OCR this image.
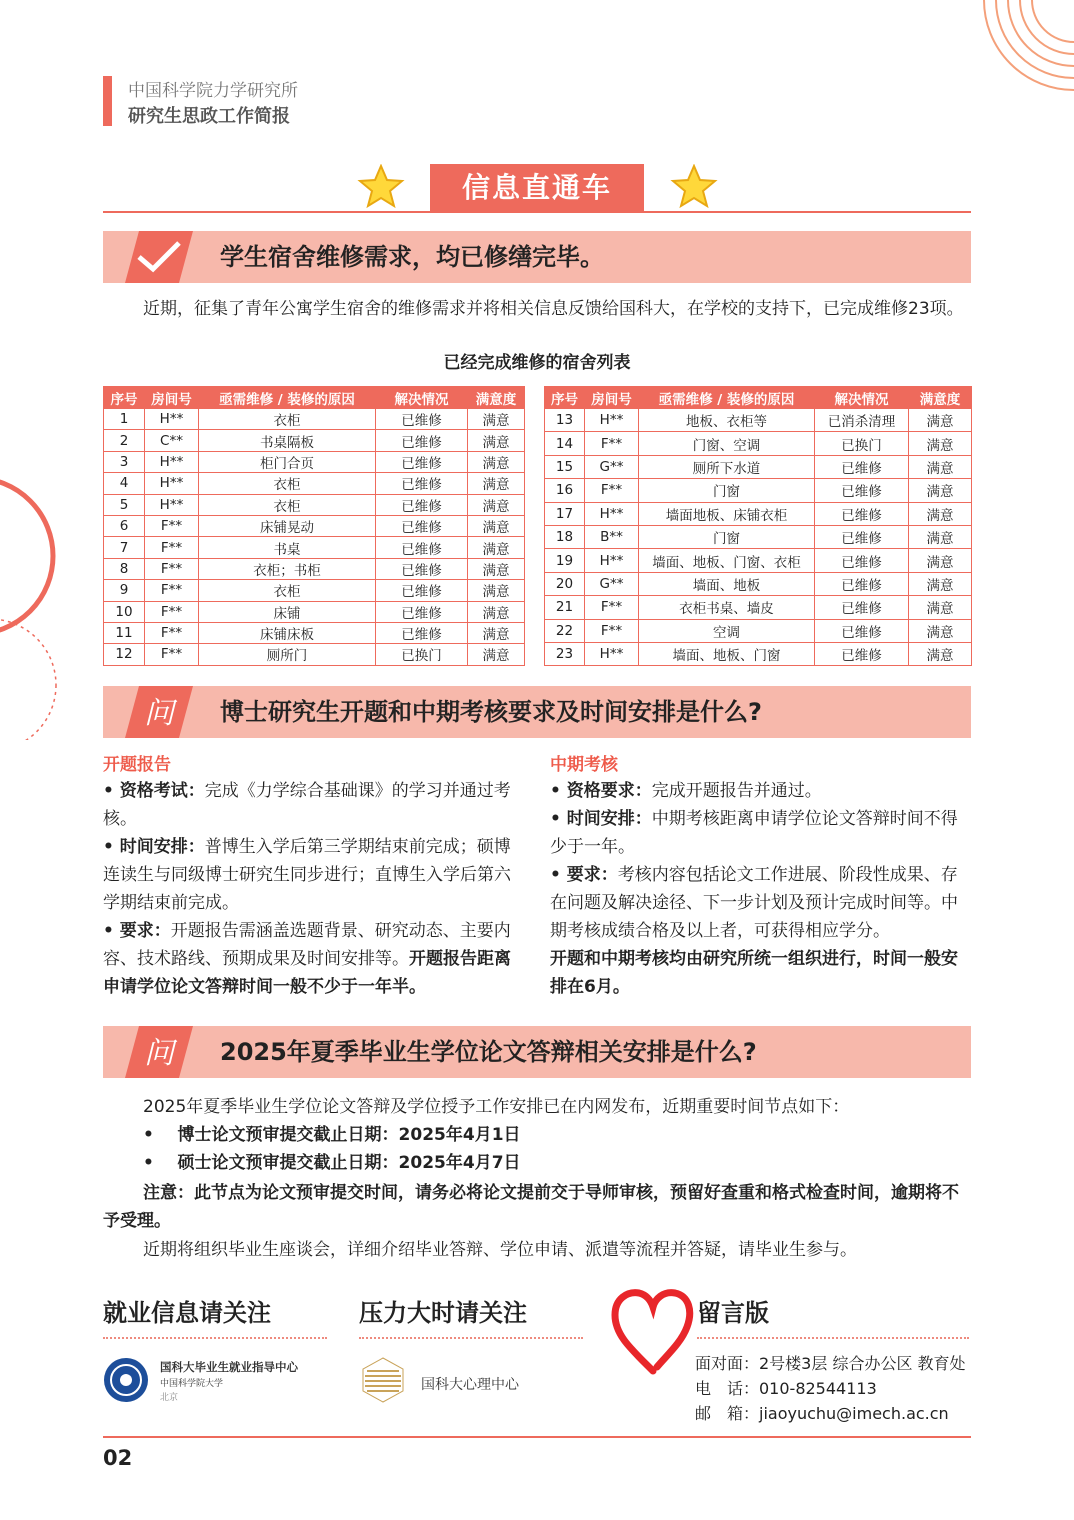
中国科学院力学研究所
研究生思政工作简报
信息直通车
学生宿舍维修需求，均已修缮完毕。
近期，征集了青年公寓学生宿舍的维修需求并将相关信息反馈给国科大，在学校的支持下，已完成维修23项。
已经完成维修的宿舍列表
序号	房间号	亟需维修 / 装修的原因	解决情况	满意度
1	H**	衣柜	已维修	满意
2	C**	书桌隔板	已维修	满意
3	H**	柜门合页	已维修	满意
4	H**	衣柜	已维修	满意
5	H**	衣柜	已维修	满意
6	F**	床铺晃动	已维修	满意
7	F**	书桌	已维修	满意
8	F**	衣柜；书柜	已维修	满意
9	F**	衣柜	已维修	满意
10	F**	床铺	已维修	满意
11	F**	床铺床板	已维修	满意
12	F**	厕所门	已换门	满意
序号	房间号	亟需维修 / 装修的原因	解决情况	满意度
13	H**	地板、衣柜等	已消杀清理	满意
14	F**	门窗、空调	已换门	满意
15	G**	厕所下水道	已维修	满意
16	F**	门窗	已维修	满意
17	H**	墙面地板、床铺衣柜	已维修	满意
18	B**	门窗	已维修	满意
19	H**	墙面、地板、门窗、衣柜	已维修	满意
20	G**	墙面、地板	已维修	满意
21	F**	衣柜书桌、墙皮	已维修	满意
22	F**	空调	已维修	满意
23	H**	墙面、地板、门窗	已维修	满意
问 博士研究生开题和中期考核要求及时间安排是什么?
开题报告
• 资格考试：完成《力学综合基础课》的学习并通过考核。
• 时间安排：普博生入学后第三学期结束前完成；硕博连读生与同级博士研究生同步进行；直博生入学后第六学期结束前完成。
• 要求：开题报告需涵盖选题背景、研究动态、主要内容、技术路线、预期成果及时间安排等。开题报告距离申请学位论文答辩时间一般不少于一年半。
中期考核
• 资格要求：完成开题报告并通过。
• 时间安排：中期考核距离申请学位论文答辩时间不得少于一年。
• 要求：考核内容包括论文工作进展、阶段性成果、存在问题及解决途径、下一步计划及预计完成时间等。中期考核成绩合格及以上者，可获得相应学分。
开题和中期考核均由研究所统一组织进行，时间一般安排在6月。
问 2025年夏季毕业生学位论文答辩相关安排是什么?
2025年夏季毕业生学位论文答辩及学位授予工作安排已在内网发布，近期重要时间节点如下：
•    博士论文预审提交截止日期：2025年4月1日
•    硕士论文预审提交截止日期：2025年4月7日
注意：此节点为论文预审提交时间，请务必将论文提前交于导师审核，预留好查重和格式检查时间，逾期将不予受理。
近期将组织毕业生座谈会，详细介绍毕业答辩、学位申请、派遣等流程并答疑，请毕业生参与。
就业信息请关注
国科大毕业生就业指导中心
中国科学院大学
北京
压力大时请关注
国科大心理中心
留言版
面对面：2号楼3层 综合办公区 教育处
电　话：010-82544113
邮　箱：jiaoyuchu@imech.ac.cn
02
